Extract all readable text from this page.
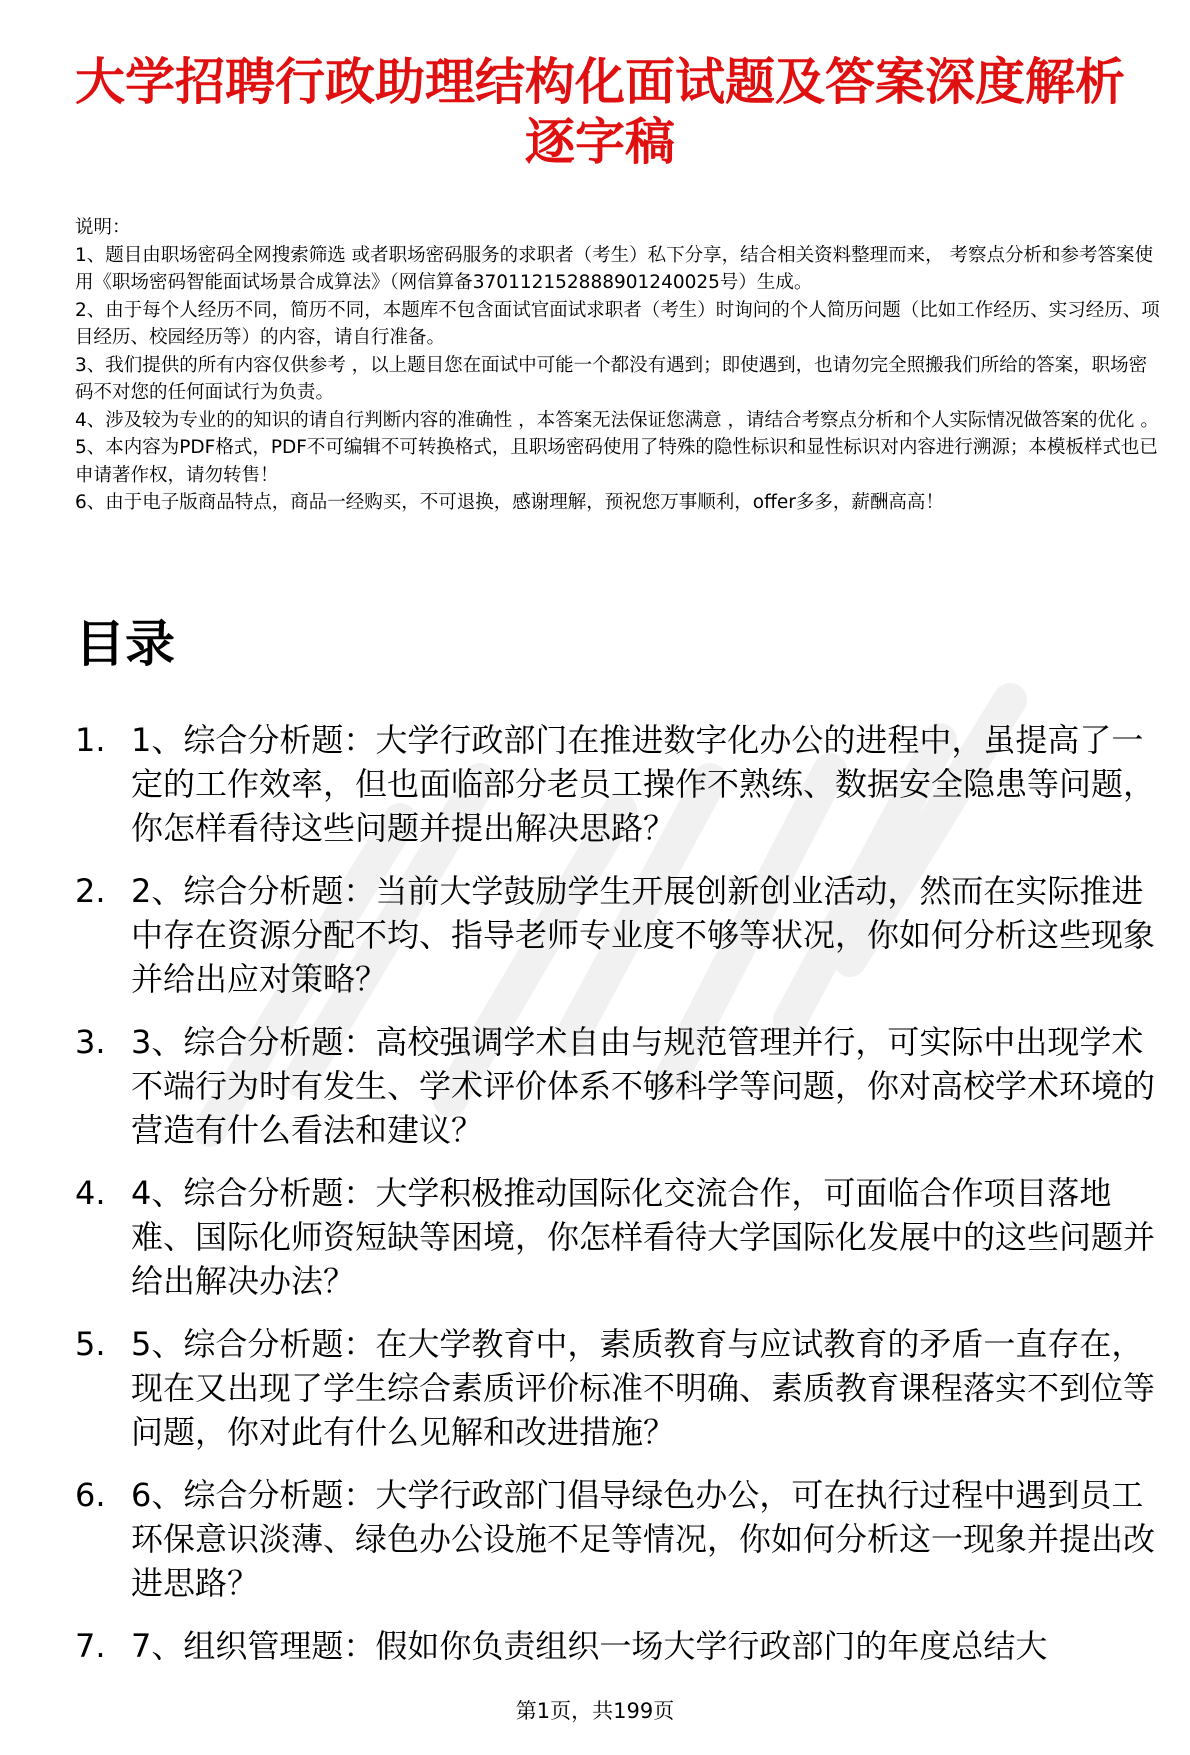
大学招聘行政助理结构化面试题及答案深度解析逐字稿

说明：

1、题目由职场密码全网搜索筛选 或者职场密码服务的求职者（考生）私下分享，结合相关资料整理而来， 考察点分析和参考答案使用《职场密码智能面试场景合成算法》（网信算备370112152888901240025号）生成。

2、由于每个人经历不同，简历不同，本题库不包含面试官面试求职者（考生）时询问的个人简历问题（比如工作经历、实习经历、项目经历、校园经历等）的内容，请自行准备。

3、我们提供的所有内容仅供参考 ，以上题目您在面试中可能一个都没有遇到；即使遇到，也请勿完全照搬我们所给的答案，职场密码不对您的任何面试行为负责。

4、涉及较为专业的的知识的请自行判断内容的准确性 ，本答案无法保证您满意 ，请结合考察点分析和个人实际情况做答案的优化 。

5、本内容为PDF格式，PDF不可编辑不可转换格式，且职场密码使用了特殊的隐性标识和显性标识对内容进行溯源；本模板样式也已申请著作权，请勿转售！

6、由于电子版商品特点，商品一经购买，不可退换，感谢理解，预祝您万事顺利，offer多多，薪酬高高！

目录
1. 1、综合分析题：大学行政部门在推进数字化办公的进程中，虽提高了一定的工作效率，但也面临部分老员工操作不熟练、数据安全隐患等问题，你怎样看待这些问题并提出解决思路？
2. 2、综合分析题：当前大学鼓励学生开展创新创业活动，然而在实际推进中存在资源分配不均、指导老师专业度不够等状况，你如何分析这些现象并给出应对策略？
3. 3、综合分析题：高校强调学术自由与规范管理并行，可实际中出现学术不端行为时有发生、学术评价体系不够科学等问题，你对高校学术环境的营造有什么看法和建议？
4. 4、综合分析题：大学积极推动国际化交流合作，可面临合作项目落地难、国际化师资短缺等困境，你怎样看待大学国际化发展中的这些问题并给出解决办法？
5. 5、综合分析题：在大学教育中，素质教育与应试教育的矛盾一直存在，现在又出现了学生综合素质评价标准不明确、素质教育课程落实不到位等问题，你对此有什么见解和改进措施？
6. 6、综合分析题：大学行政部门倡导绿色办公，可在执行过程中遇到员工环保意识淡薄、绿色办公设施不足等情况，你如何分析这一现象并提出改进思路？
7. 7、组织管理题：假如你负责组织一场大学行政部门的年度总结大
第1页，共199页
